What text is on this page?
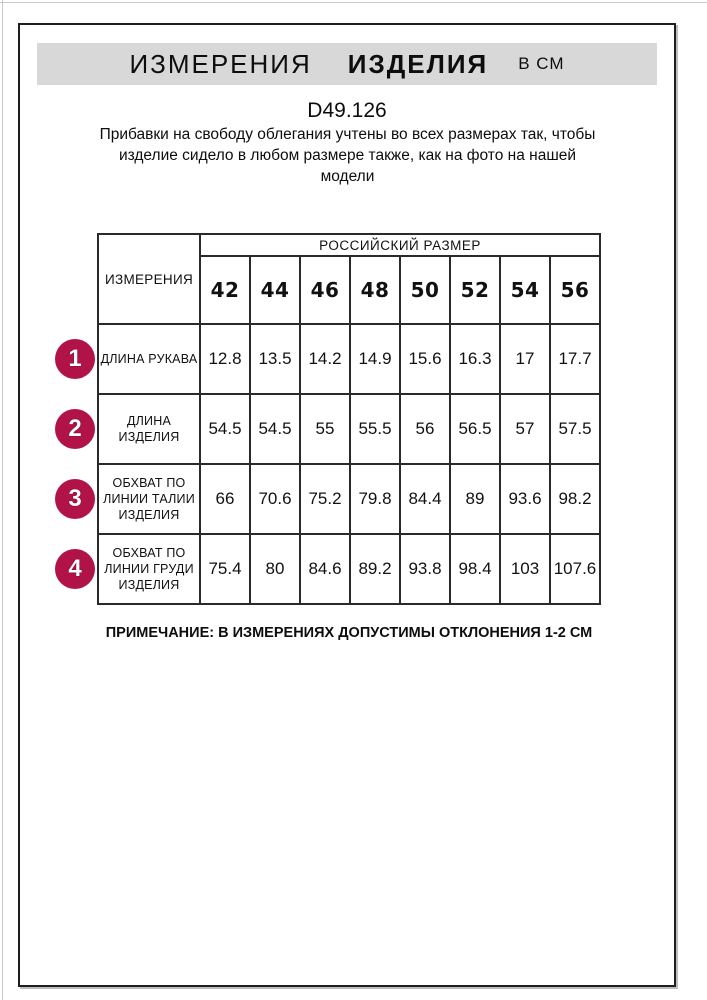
ИЗМЕРЕНИЯ ИЗДЕЛИЯ В СМ
D49.126
Прибавки на свободу облегания учтены во всех размерах так, чтобы изделие сидело в любом размере также, как на фото на нашей модели
ИЗМЕРЕНИЯ	РОССИЙСКИЙ РАЗМЕР							
	42	44	46	48	50	52	54	56
ДЛИНА РУКАВА	12.8	13.5	14.2	14.9	15.6	16.3	17	17.7
ДЛИНА ИЗДЕЛИЯ	54.5	54.5	55	55.5	56	56.5	57	57.5
ОБХВАТ ПО ЛИНИИ ТАЛИИ ИЗДЕЛИЯ	66	70.6	75.2	79.8	84.4	89	93.6	98.2
ОБХВАТ ПО ЛИНИИ ГРУДИ ИЗДЕЛИЯ	75.4	80	84.6	89.2	93.8	98.4	103	107.6
1
2
3
4
ПРИМЕЧАНИЕ: В ИЗМЕРЕНИЯХ ДОПУСТИМЫ ОТКЛОНЕНИЯ 1-2 СМ
